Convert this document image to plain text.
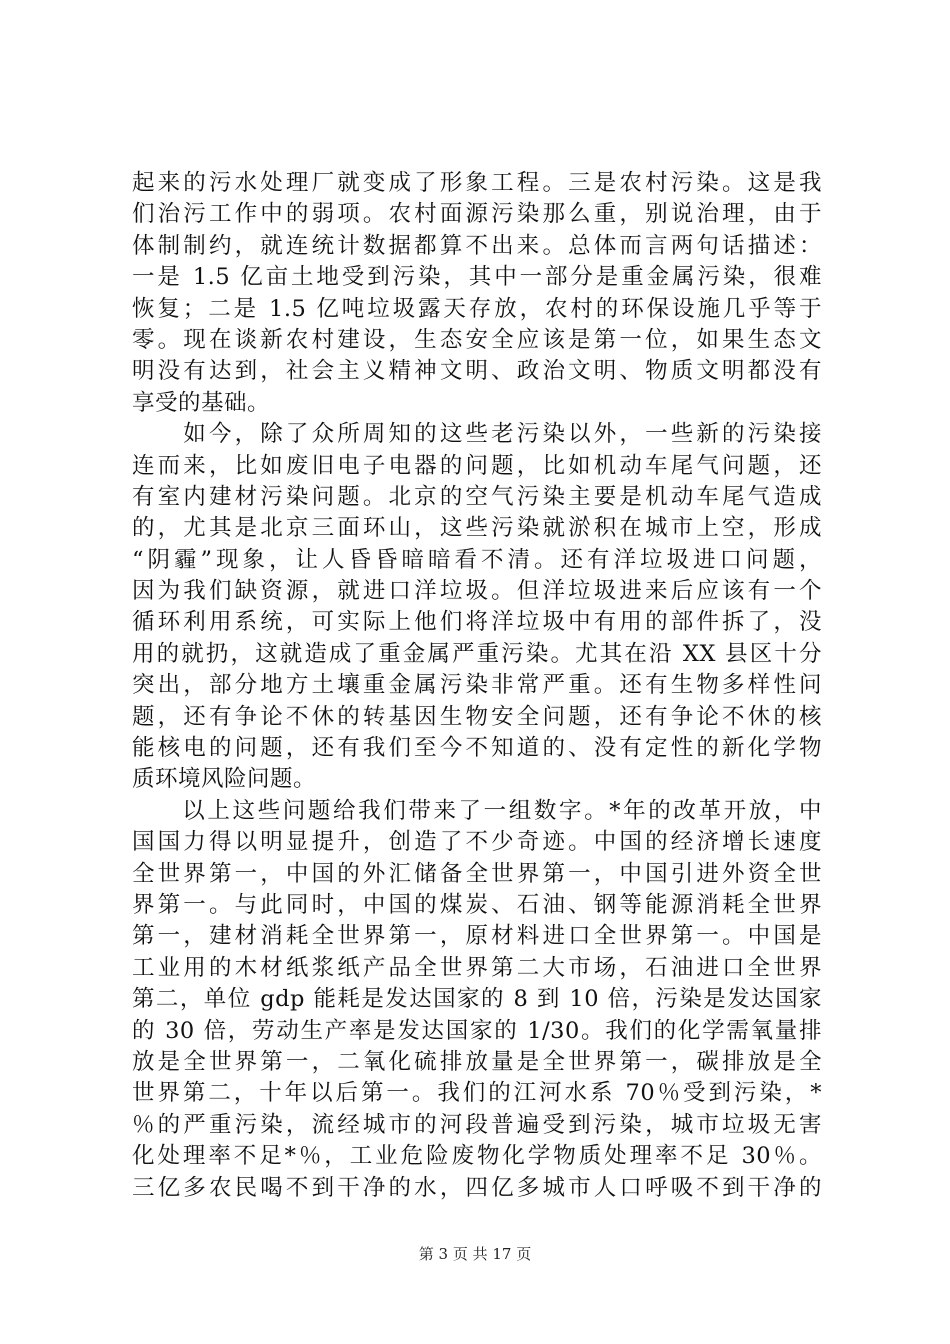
起来的污水处理厂就变成了形象工程。三是农村污染。这是我
们治污工作中的弱项。农村面源污染那么重，别说治理，由于
体制制约，就连统计数据都算不出来。总体而言两句话描述：
一是 1.5 亿亩土地受到污染，其中一部分是重金属污染，很难
恢复；二是 1.5 亿吨垃圾露天存放，农村的环保设施几乎等于
零。现在谈新农村建设，生态安全应该是第一位，如果生态文
明没有达到，社会主义精神文明、政治文明、物质文明都没有
享受的基础。
　　如今，除了众所周知的这些老污染以外，一些新的污染接
连而来，比如废旧电子电器的问题，比如机动车尾气问题，还
有室内建材污染问题。北京的空气污染主要是机动车尾气造成
的，尤其是北京三面环山，这些污染就淤积在城市上空，形成
“阴霾”现象，让人昏昏暗暗看不清。还有洋垃圾进口问题，
因为我们缺资源，就进口洋垃圾。但洋垃圾进来后应该有一个
循环利用系统，可实际上他们将洋垃圾中有用的部件拆了，没
用的就扔，这就造成了重金属严重污染。尤其在沿 XX 县区十分
突出，部分地方土壤重金属污染非常严重。还有生物多样性问
题，还有争论不休的转基因生物安全问题，还有争论不休的核
能核电的问题，还有我们至今不知道的、没有定性的新化学物
质环境风险问题。
　　以上这些问题给我们带来了一组数字。*年的改革开放，中
国国力得以明显提升，创造了不少奇迹。中国的经济增长速度
全世界第一，中国的外汇储备全世界第一，中国引进外资全世
界第一。与此同时，中国的煤炭、石油、钢等能源消耗全世界
第一，建材消耗全世界第一，原材料进口全世界第一。中国是
工业用的木材纸浆纸产品全世界第二大市场，石油进口全世界
第二，单位 gdp 能耗是发达国家的 8 到 10 倍，污染是发达国家
的 30 倍，劳动生产率是发达国家的 1/30。我们的化学需氧量排
放是全世界第一，二氧化硫排放量是全世界第一，碳排放是全
世界第二，十年以后第一。我们的江河水系 70％受到污染，*
％的严重污染，流经城市的河段普遍受到污染，城市垃圾无害
化处理率不足*％，工业危险废物化学物质处理率不足 30％。
三亿多农民喝不到干净的水，四亿多城市人口呼吸不到干净的
第 3 页 共 17 页
